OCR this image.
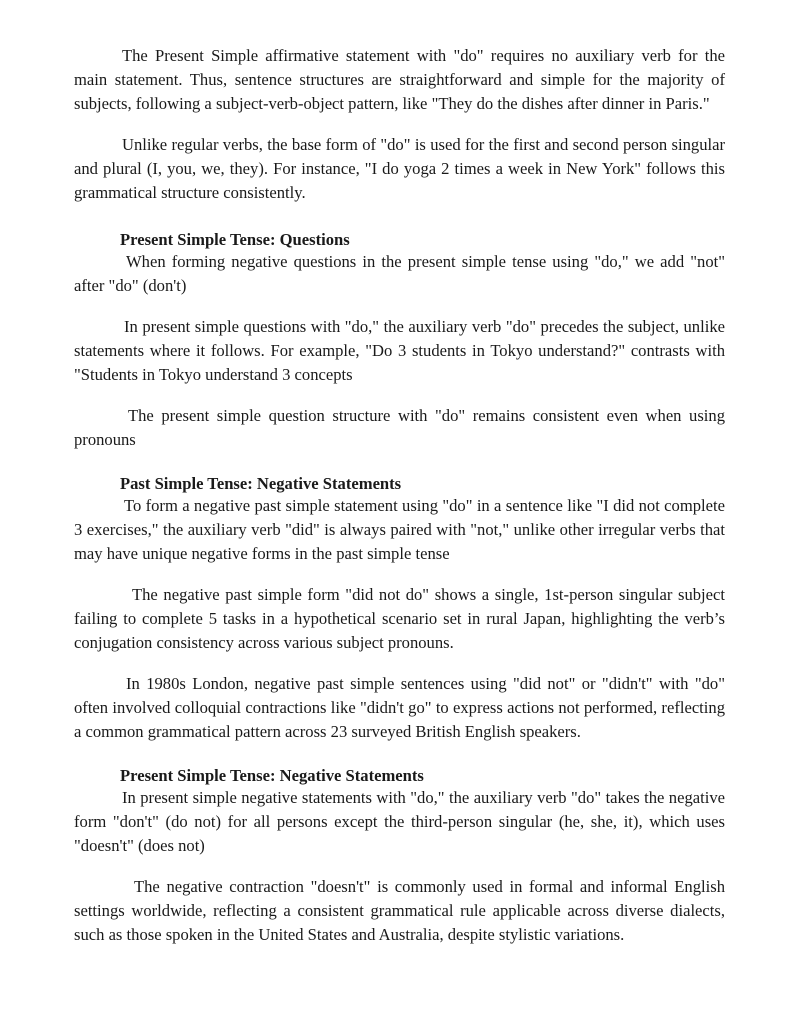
The Present Simple affirmative statement with "do" requires no auxiliary verb for the main statement. Thus, sentence structures are straightforward and simple for the majority of subjects, following a subject-verb-object pattern, like "They do the dishes after dinner in Paris."

Unlike regular verbs, the base form of "do" is used for the first and second person singular and plural (I, you, we, they). For instance, "I do yoga 2 times a week in New York" follows this grammatical structure consistently.

Present Simple Tense: Questions

When forming negative questions in the present simple tense using "do," we add "not" after "do" (don't)

In present simple questions with "do," the auxiliary verb "do" precedes the subject, unlike statements where it follows. For example, "Do 3 students in Tokyo understand?" contrasts with "Students in Tokyo understand 3 concepts

The present simple question structure with "do" remains consistent even when using pronouns

Past Simple Tense: Negative Statements

To form a negative past simple statement using "do" in a sentence like "I did not complete 3 exercises," the auxiliary verb "did" is always paired with "not," unlike other irregular verbs that may have unique negative forms in the past simple tense

The negative past simple form "did not do" shows a single, 1st-person singular subject failing to complete 5 tasks in a hypothetical scenario set in rural Japan, highlighting the verb’s conjugation consistency across various subject pronouns.

In 1980s London, negative past simple sentences using "did not" or "didn't" with "do" often involved colloquial contractions like "didn't go" to express actions not performed, reflecting a common grammatical pattern across 23 surveyed British English speakers.

Present Simple Tense: Negative Statements

In present simple negative statements with "do," the auxiliary verb "do" takes the negative form "don't" (do not) for all persons except the third-person singular (he, she, it), which uses "doesn't" (does not)

The negative contraction "doesn't" is commonly used in formal and informal English settings worldwide, reflecting a consistent grammatical rule applicable across diverse dialects, such as those spoken in the United States and Australia, despite stylistic variations.
